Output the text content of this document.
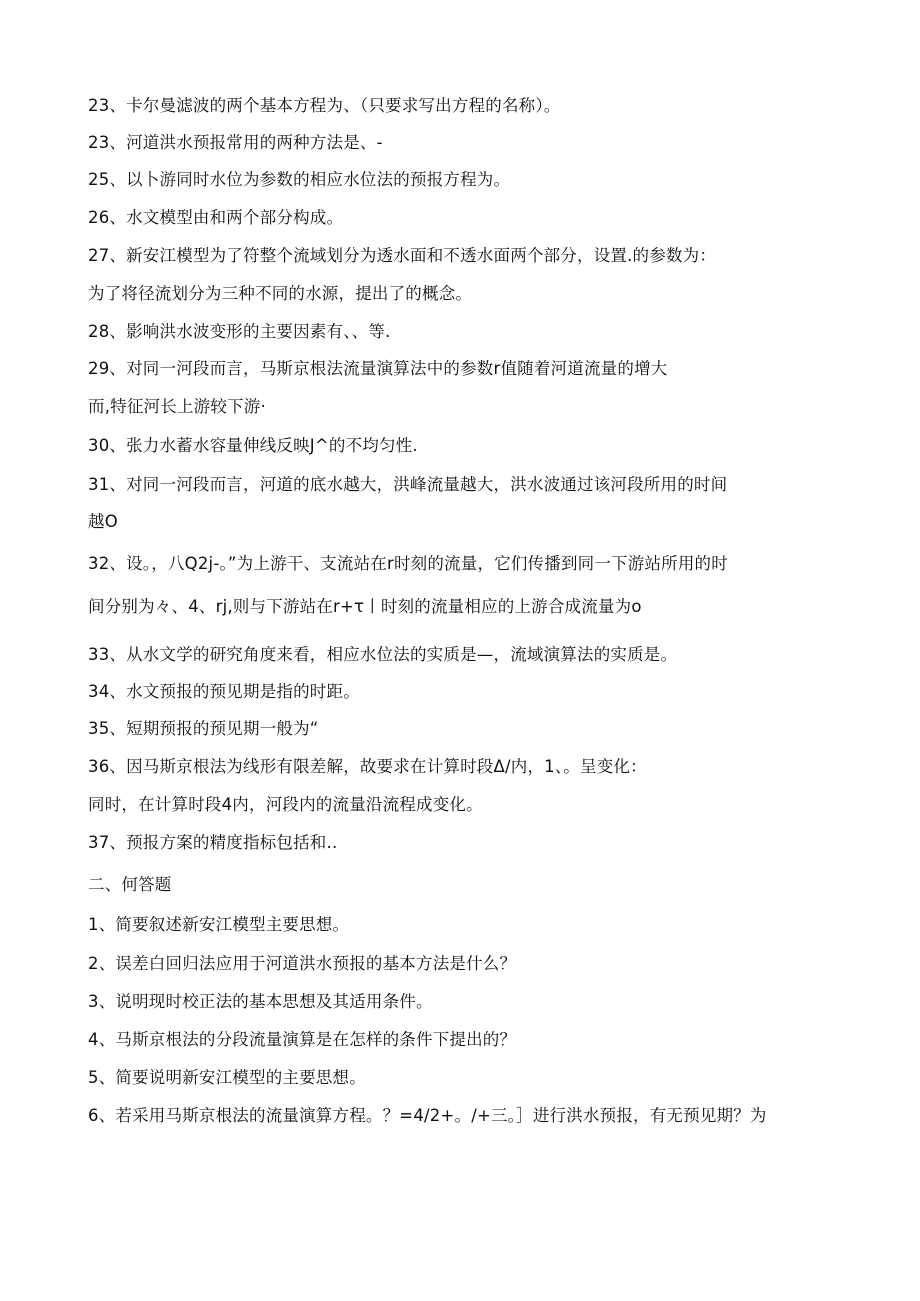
23、卡尔曼滤波的两个基本方程为、（只要求写出方程的名称）。
23、河道洪水预报常用的两种方法是、-
25、以卜游同时水位为参数的相应水位法的预报方程为。
26、水文模型由和两个部分构成。
27、新安江模型为了符整个流域划分为透水面和不透水面两个部分，设置.的参数为：
为了将径流划分为三种不同的水源，提出了的概念。
28、影响洪水波变形的主要因素有、、等.
29、对同一河段而言，马斯京根法流量演算法中的参数r值随着河道流量的增大
而,特征河长上游较下游·
30、张力水蓄水容量伸线反映J^的不均匀性.
31、对同一河段而言，河道的底水越大，洪峰流量越大，洪水波通过该河段所用的时间
越O
32、设。，八Q2j-。”为上游干、支流站在r时刻的流量，它们传播到同一下游站所用的时
间分别为々、4、rj,则与下游站在r+τ丨时刻的流量相应的上游合成流量为o
33、从水文学的研究角度来看，相应水位法的实质是—，流域演算法的实质是。
34、水文预报的预见期是指的时距。
35、短期预报的预见期一般为“
36、因马斯京根法为线形有限差解，故要求在计算时段Δ/内，1、。呈变化：
同时，在计算时段4内，河段内的流量沿流程成变化。
37、预报方案的精度指标包括和..
二、何答题
1、简要叙述新安江模型主要思想。
2、误差白回归法应用于河道洪水预报的基本方法是什么？
3、说明现时校正法的基本思想及其适用条件。
4、马斯京根法的分段流量演算是在怎样的条件下提出的？
5、简要说明新安江模型的主要思想。
6、若采用马斯京根法的流量演算方程。？=4/2+。/+三。］进行洪水预报，有无预见期？为
